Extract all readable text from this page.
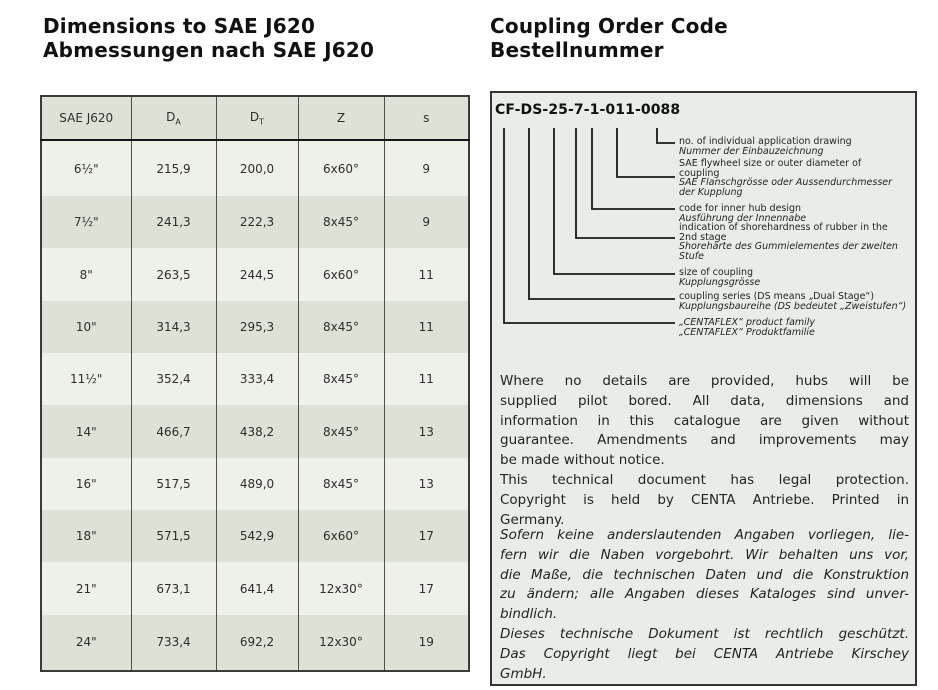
Dimensions to SAE J620
Abmessungen nach SAE J620
SAE J620	$D_A$	$D_T$	Z	s
6½"	215,9	200,0	6x60°	9
7½"	241,3	222,3	8x45°	9
8"	263,5	244,5	6x60°	11
10"	314,3	295,3	8x45°	11
11½"	352,4	333,4	8x45°	11
14"	466,7	438,2	8x45°	13
16"	517,5	489,0	8x45°	13
18"	571,5	542,9	6x60°	17
21"	673,1	641,4	12x30°	17
24"	733,4	692,2	12x30°	19
Coupling Order Code
Bestellnummer
CF-DS-25-7-1-011-0088
no. of individual application drawing
Nummer der Einbauzeichnung
SAE flywheel size or outer diameter of
coupling
SAE Flanschgrösse oder Aussendurchmesser
der Kupplung
code for inner hub design
Ausführung der Innennabe
indication of shorehardness of rubber in the
2nd stage
Shorehärte des Gummielementes der zweiten
Stufe
size of coupling
Kupplungsgrösse
coupling series (DS means „Dual Stage“)
Kupplungsbaureihe (DS bedeutet „Zweistufen“)
„CENTAFLEX“ product family
„CENTAFLEX“ Produktfamilie
Where no details are provided, hubs will be
supplied pilot bored. All data, dimensions and
information in this catalogue are given without
guarantee. Amendments and improvements may
be made without notice.
This technical document has legal protection.
Copyright is held by CENTA Antriebe. Printed in
Germany.
Sofern keine anderslautenden Angaben vorliegen, lie-
fern wir die Naben vorgebohrt. Wir behalten uns vor,
die Maße, die technischen Daten und die Konstruktion
zu ändern; alle Angaben dieses Kataloges sind unver-
bindlich.
Dieses technische Dokument ist rechtlich geschützt.
Das Copyright liegt bei CENTA Antriebe Kirschey
GmbH.
